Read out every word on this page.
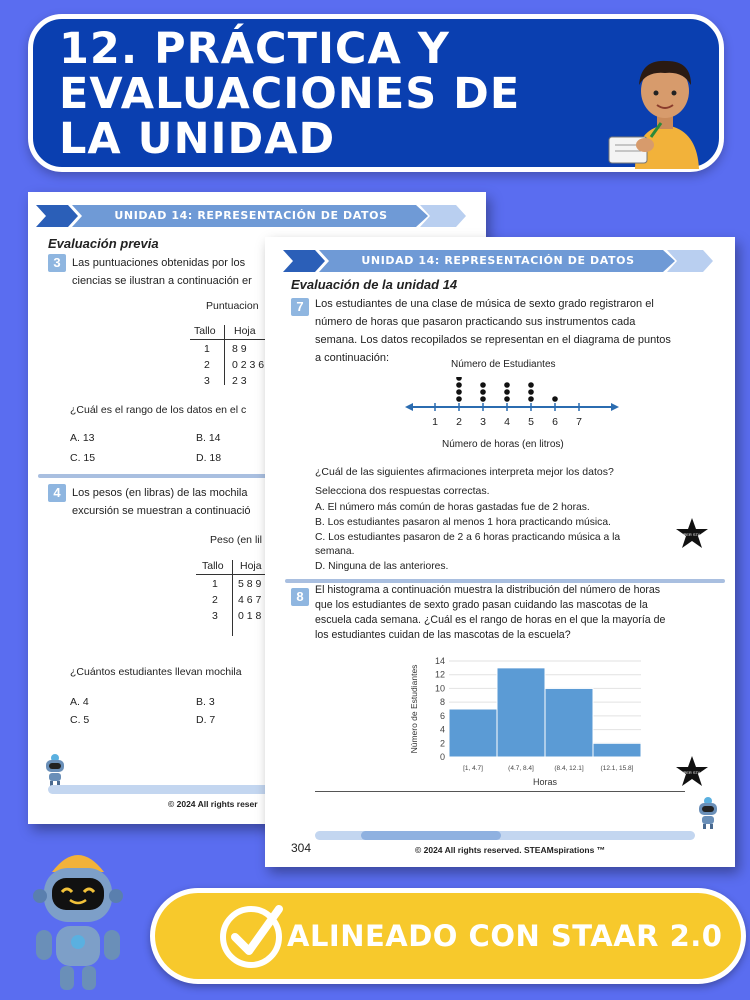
12. PRÁCTICA Y
EVALUACIONES DE
LA UNIDAD
UNIDAD 14: REPRESENTACIÓN DE DATOS
Evaluación previa
3	Las puntuaciones obtenidas por los
ciencias se ilustran a continuación er
Puntuacion
Tallo Hoja
1 8 9
2 0 2 3 6
3 2 3
¿Cuál es el rango de los datos en el c
A. 13	B. 14
C. 15	D. 18
4	Los pesos (en libras) de las mochila
excursión se muestran a continuació
Peso (en lil
Tallo Hoja
1 5 8 9
2 4 6 7
3 0 1 8
¿Cuántos estudiantes llevan mochila
A. 4	B. 3
C. 5	D. 7
© 2024 All rights reser
UNIDAD 14: REPRESENTACIÓN DE DATOS
Evaluación de la unidad 14
7	Los estudiantes de una clase de música de sexto grado registraron el
número de horas que pasaron practicando sus instrumentos cada
semana. Los datos recopilados se representan en el diagrama de puntos
a continuación:
Número de Estudiantes
1 2 3 4 5 6 7
Número de horas (en litros)
¿Cuál de las siguientes afirmaciones interpreta mejor los datos?
Selecciona dos respuestas correctas.
A. El número más común de horas gastadas fue de 2 horas.
B. Los estudiantes pasaron al menos 1 hora practicando música.
C. Los estudiantes pasaron de 2 a 6 horas practicando música a la
semana.
D. Ninguna de las anteriores.
SUPER STAAR
8	El histograma a continuación muestra la distribución del número de horas
que los estudiantes de sexto grado pasan cuidando las mascotas de la
escuela cada semana. ¿Cuál es el rango de horas en el que la mayoría de
los estudiantes cuidan de las mascotas de la escuela?
0
2
4
6
8
10
12
14
[1, 4.7]	(4.7, 8.4]	(8.4, 12.1]	(12.1, 15.8]
Horas
Número de Estudiantes
SUPER STAAR
304	© 2024 All rights reserved. STEAMspirations ™
ALINEADO CON STAAR 2.0
